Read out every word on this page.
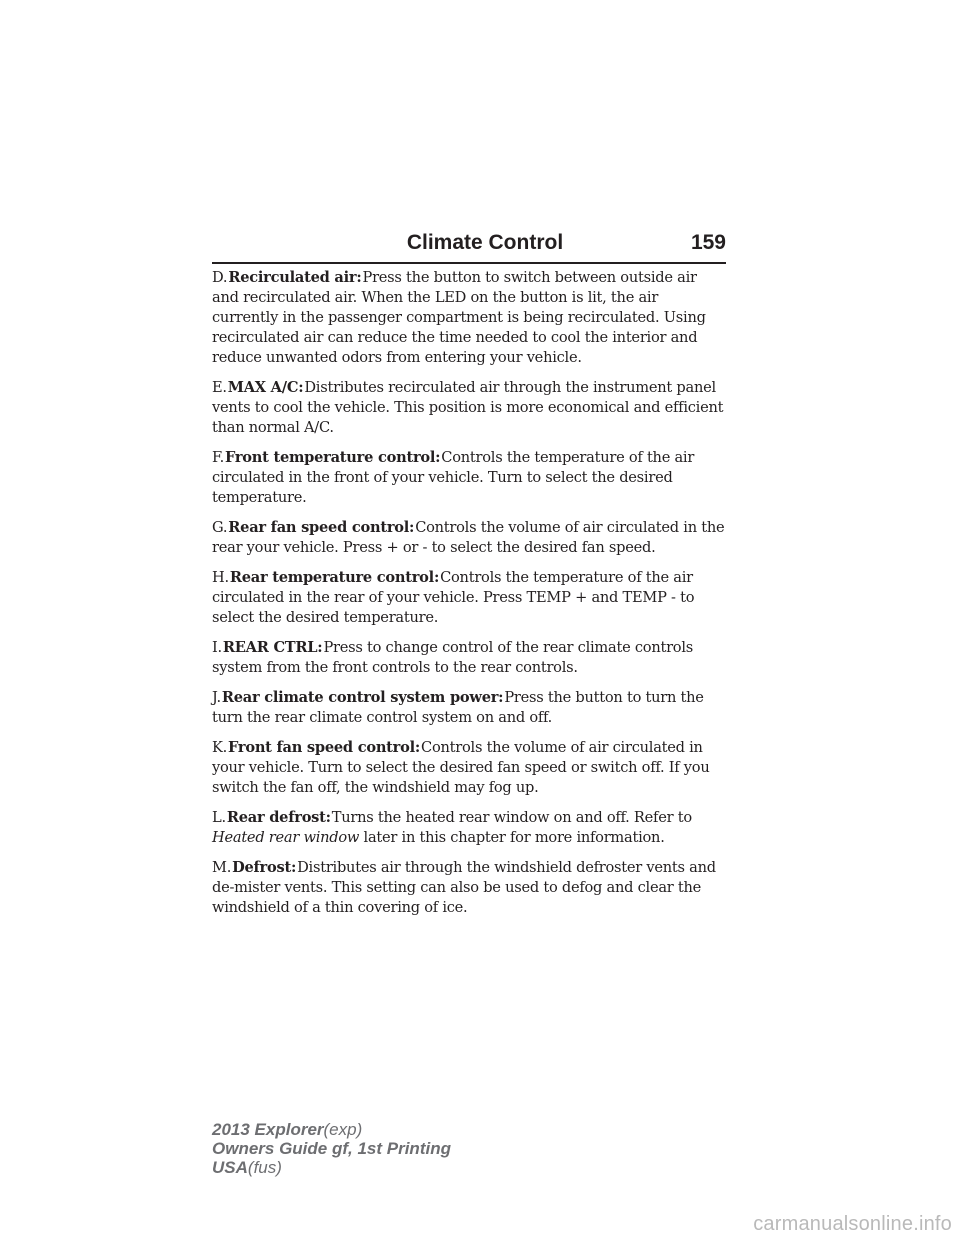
Climate Control	159

D.Recirculated air:Press the button to switch between outside air and recirculated air. When the LED on the button is lit, the air currently in the passenger compartment is being recirculated. Using recirculated air can reduce the time needed to cool the interior and reduce unwanted odors from entering your vehicle.

E.MAX A/C:Distributes recirculated air through the instrument panel vents to cool the vehicle. This position is more economical and efficient than normal A/C.

F.Front temperature control:Controls the temperature of the air circulated in the front of your vehicle. Turn to select the desired temperature.

G.Rear fan speed control:Controls the volume of air circulated in the rear your vehicle. Press + or - to select the desired fan speed.

H.Rear temperature control:Controls the temperature of the air circulated in the rear of your vehicle. Press TEMP + and TEMP - to select the desired temperature.

I.REAR CTRL:Press to change control of the rear climate controls system from the front controls to the rear controls.

J.Rear climate control system power:Press the button to turn the turn the rear climate control system on and off.

K.Front fan speed control:Controls the volume of air circulated in your vehicle. Turn to select the desired fan speed or switch off. If you switch the fan off, the windshield may fog up.

L.Rear defrost:Turns the heated rear window on and off. Refer to
Heated rear window later in this chapter for more information.

M.Defrost:Distributes air through the windshield defroster vents and de-mister vents. This setting can also be used to defog and clear the windshield of a thin covering of ice.

2013 Explorer(exp)
Owners Guide gf, 1st Printing
USA(fus)
carmanualsonline.info
